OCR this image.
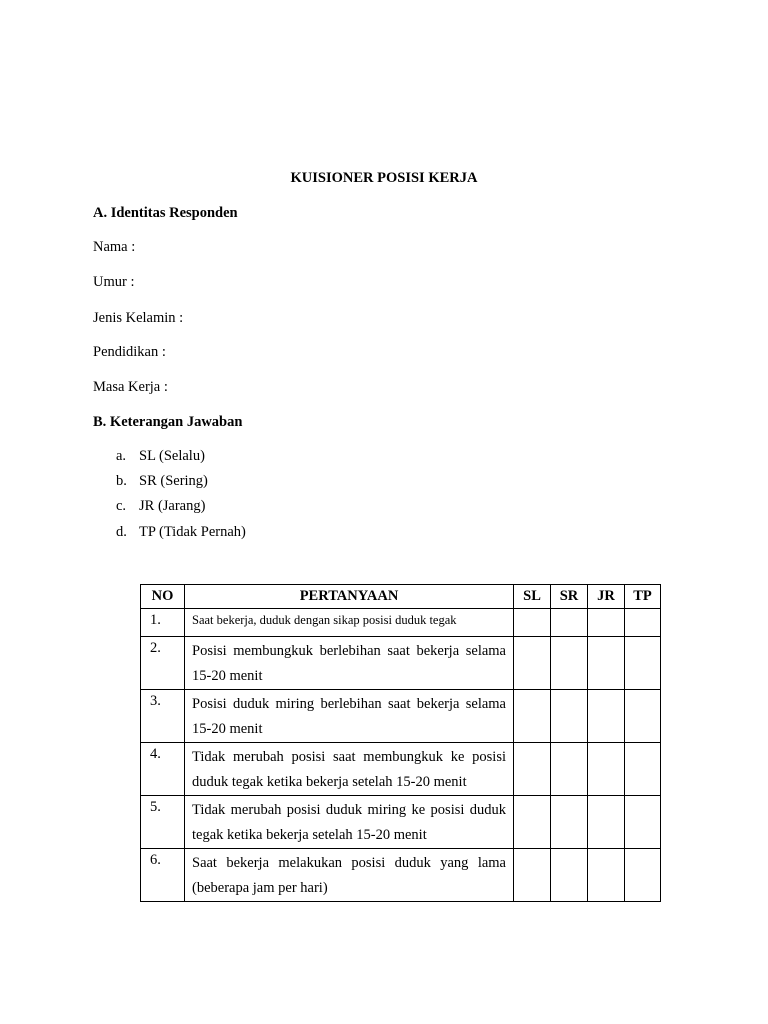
KUISIONER POSISI KERJA
A. Identitas Responden
Nama :
Umur :
Jenis Kelamin :
Pendidikan :
Masa Kerja :
B. Keterangan Jawaban
a. SL (Selalu)
b. SR (Sering)
c. JR (Jarang)
d. TP (Tidak Pernah)
NO	PERTANYAAN	SL	SR	JR	TP
1.	Saat bekerja, duduk dengan sikap posisi duduk tegak				
2.	Posisi membungkuk berlebihan saat bekerja selama 15-20 menit				
3.	Posisi duduk miring berlebihan saat bekerja selama 15-20 menit				
4.	Tidak merubah posisi saat membungkuk ke posisi duduk tegak ketika bekerja setelah 15-20 menit				
5.	Tidak merubah posisi duduk miring ke posisi duduk tegak ketika bekerja setelah 15-20 menit				
6.	Saat bekerja melakukan posisi duduk yang lama (beberapa jam per hari)				
